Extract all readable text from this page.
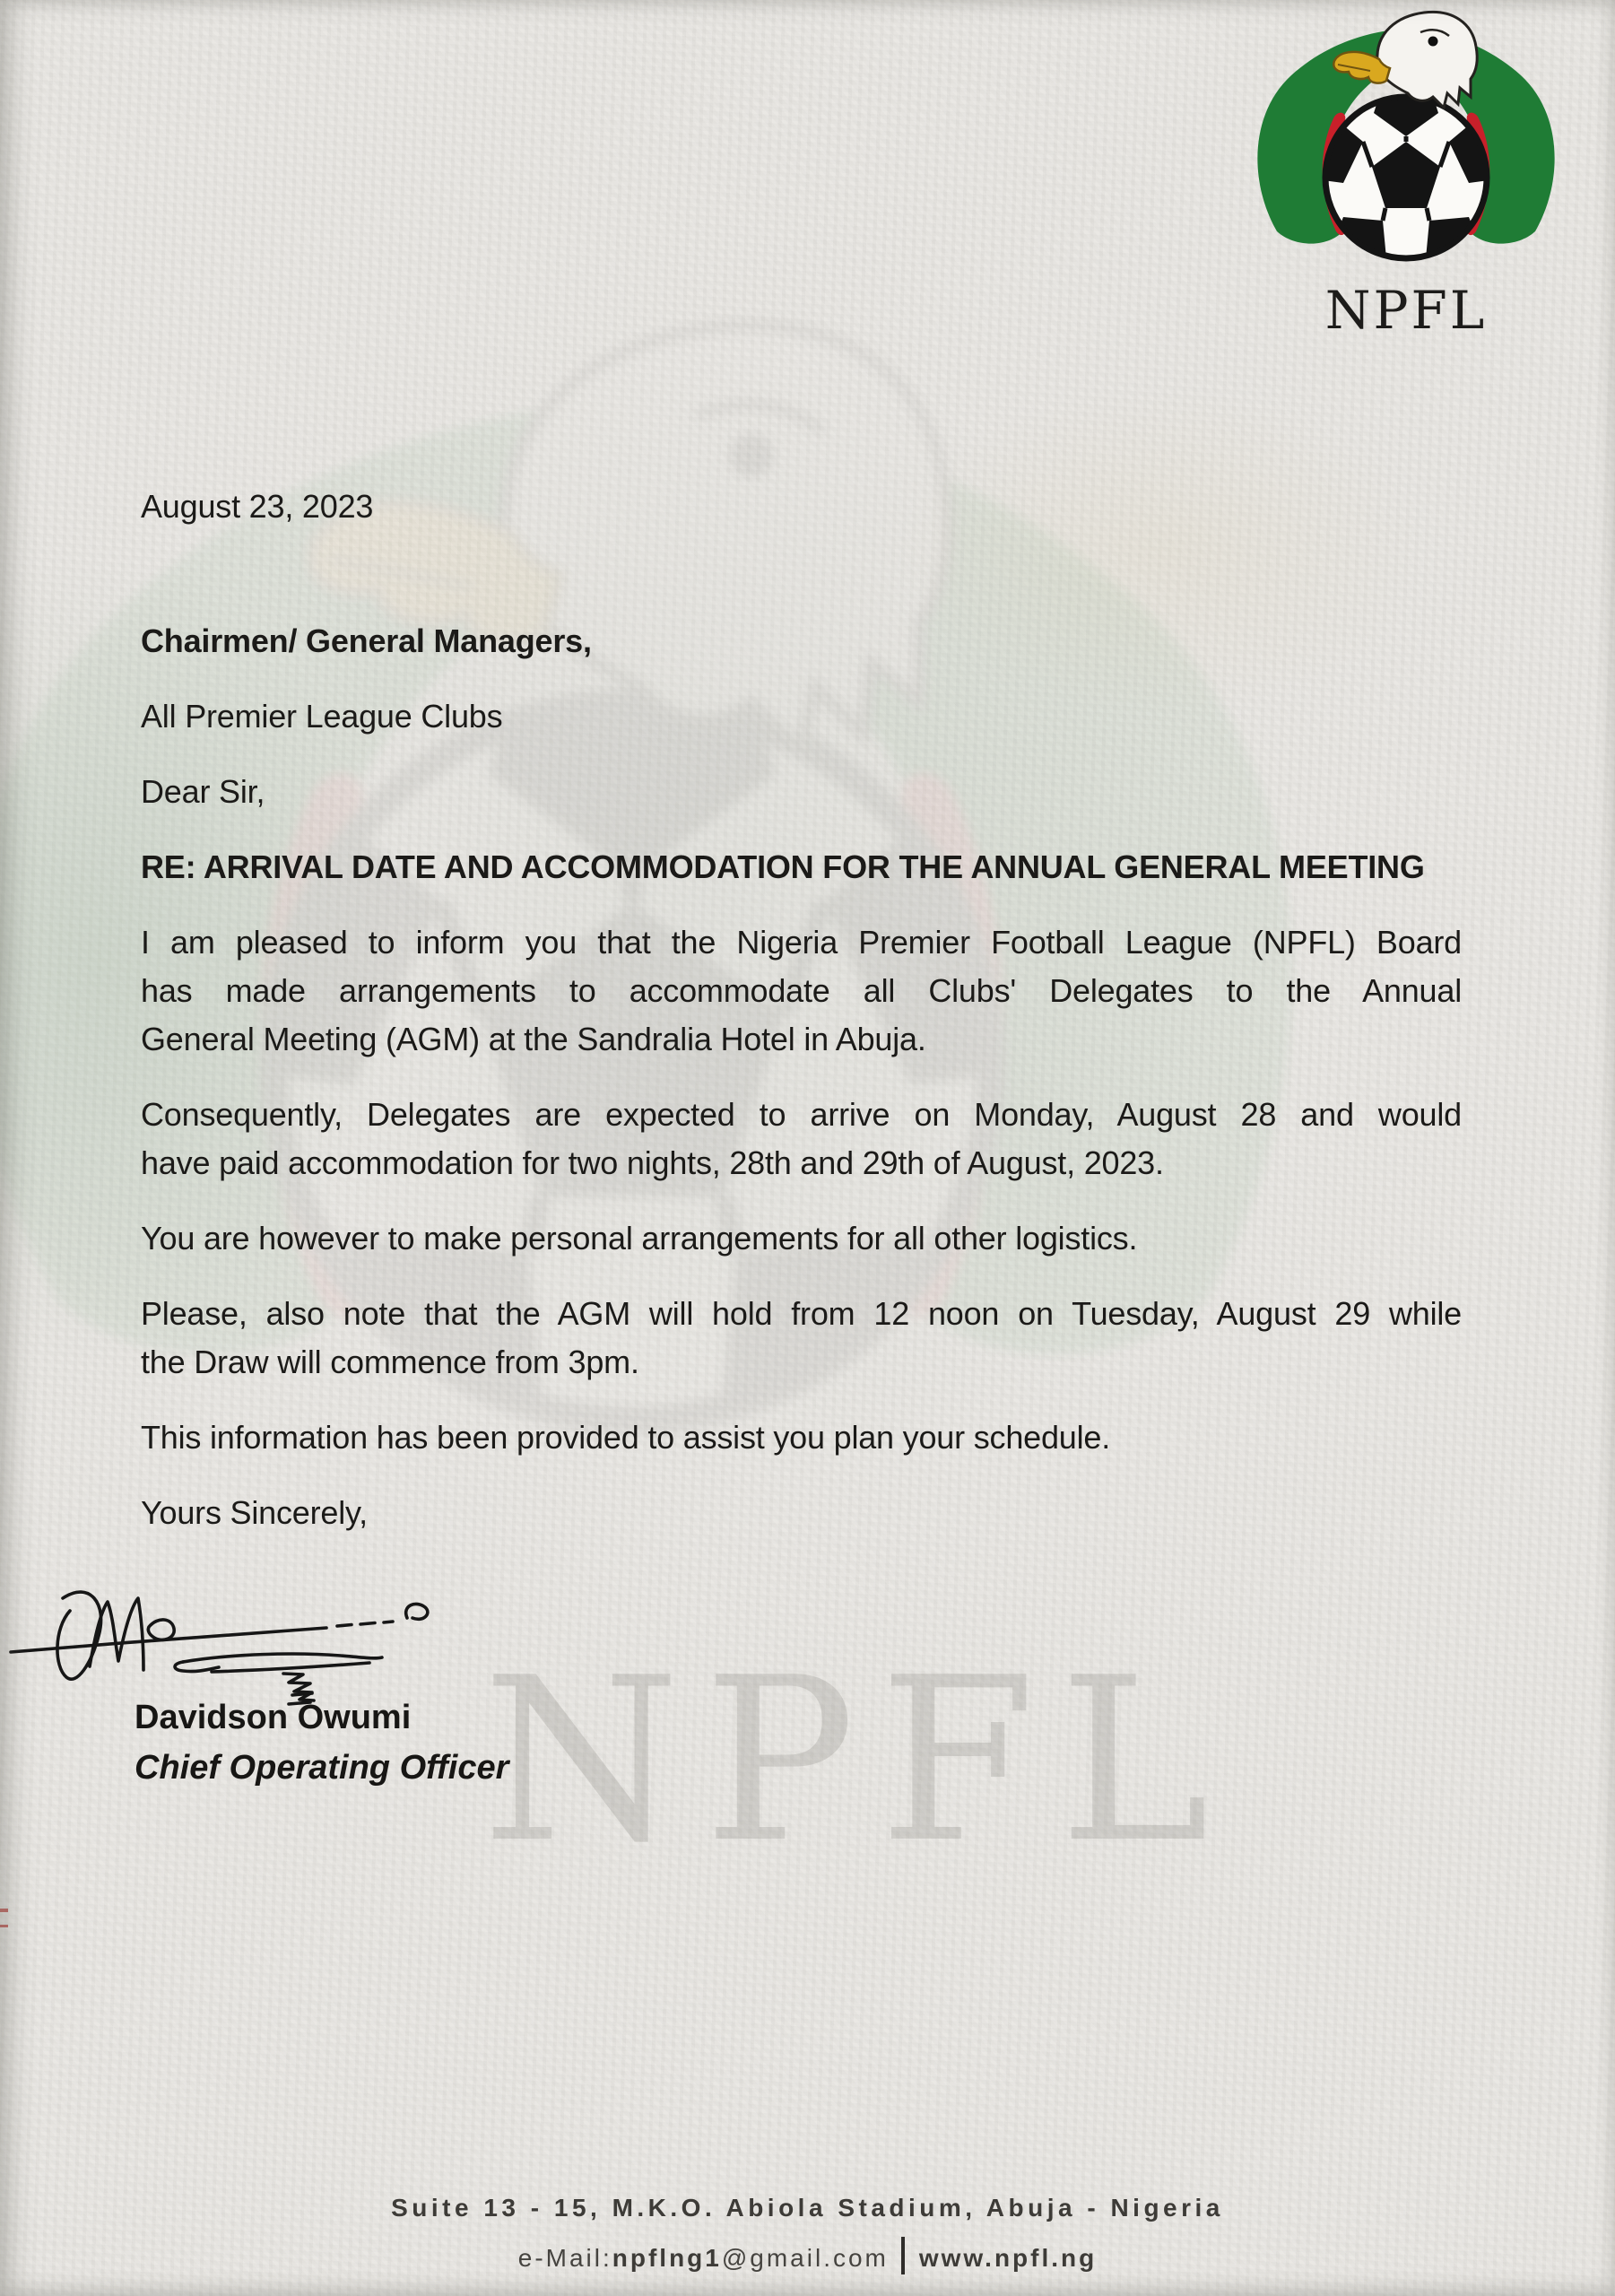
NPFL
NPFL
August 23, 2023
Chairmen/ General Managers,
All Premier League Clubs
Dear Sir,
RE: ARRIVAL DATE AND ACCOMMODATION FOR THE ANNUAL GENERAL MEETING
I am pleased to inform you that the Nigeria Premier Football League (NPFL) Board
has made arrangements to accommodate all Clubs' Delegates to the Annual
General Meeting (AGM) at the Sandralia Hotel in Abuja.
Consequently, Delegates are expected to arrive on Monday, August 28 and would
have paid accommodation for two nights, 28th and 29th of August, 2023.
You are however to make personal arrangements for all other logistics.
Please, also note that the AGM will hold from 12 noon on Tuesday, August 29 while
the Draw will commence from 3pm.
This information has been provided to assist you plan your schedule.
Yours Sincerely,
Davidson Owumi
Chief Operating Officer
Suite 13 - 15, M.K.O. Abiola Stadium, Abuja - Nigeria
e-Mail:npflng1@gmail.com www.npfl.ng
